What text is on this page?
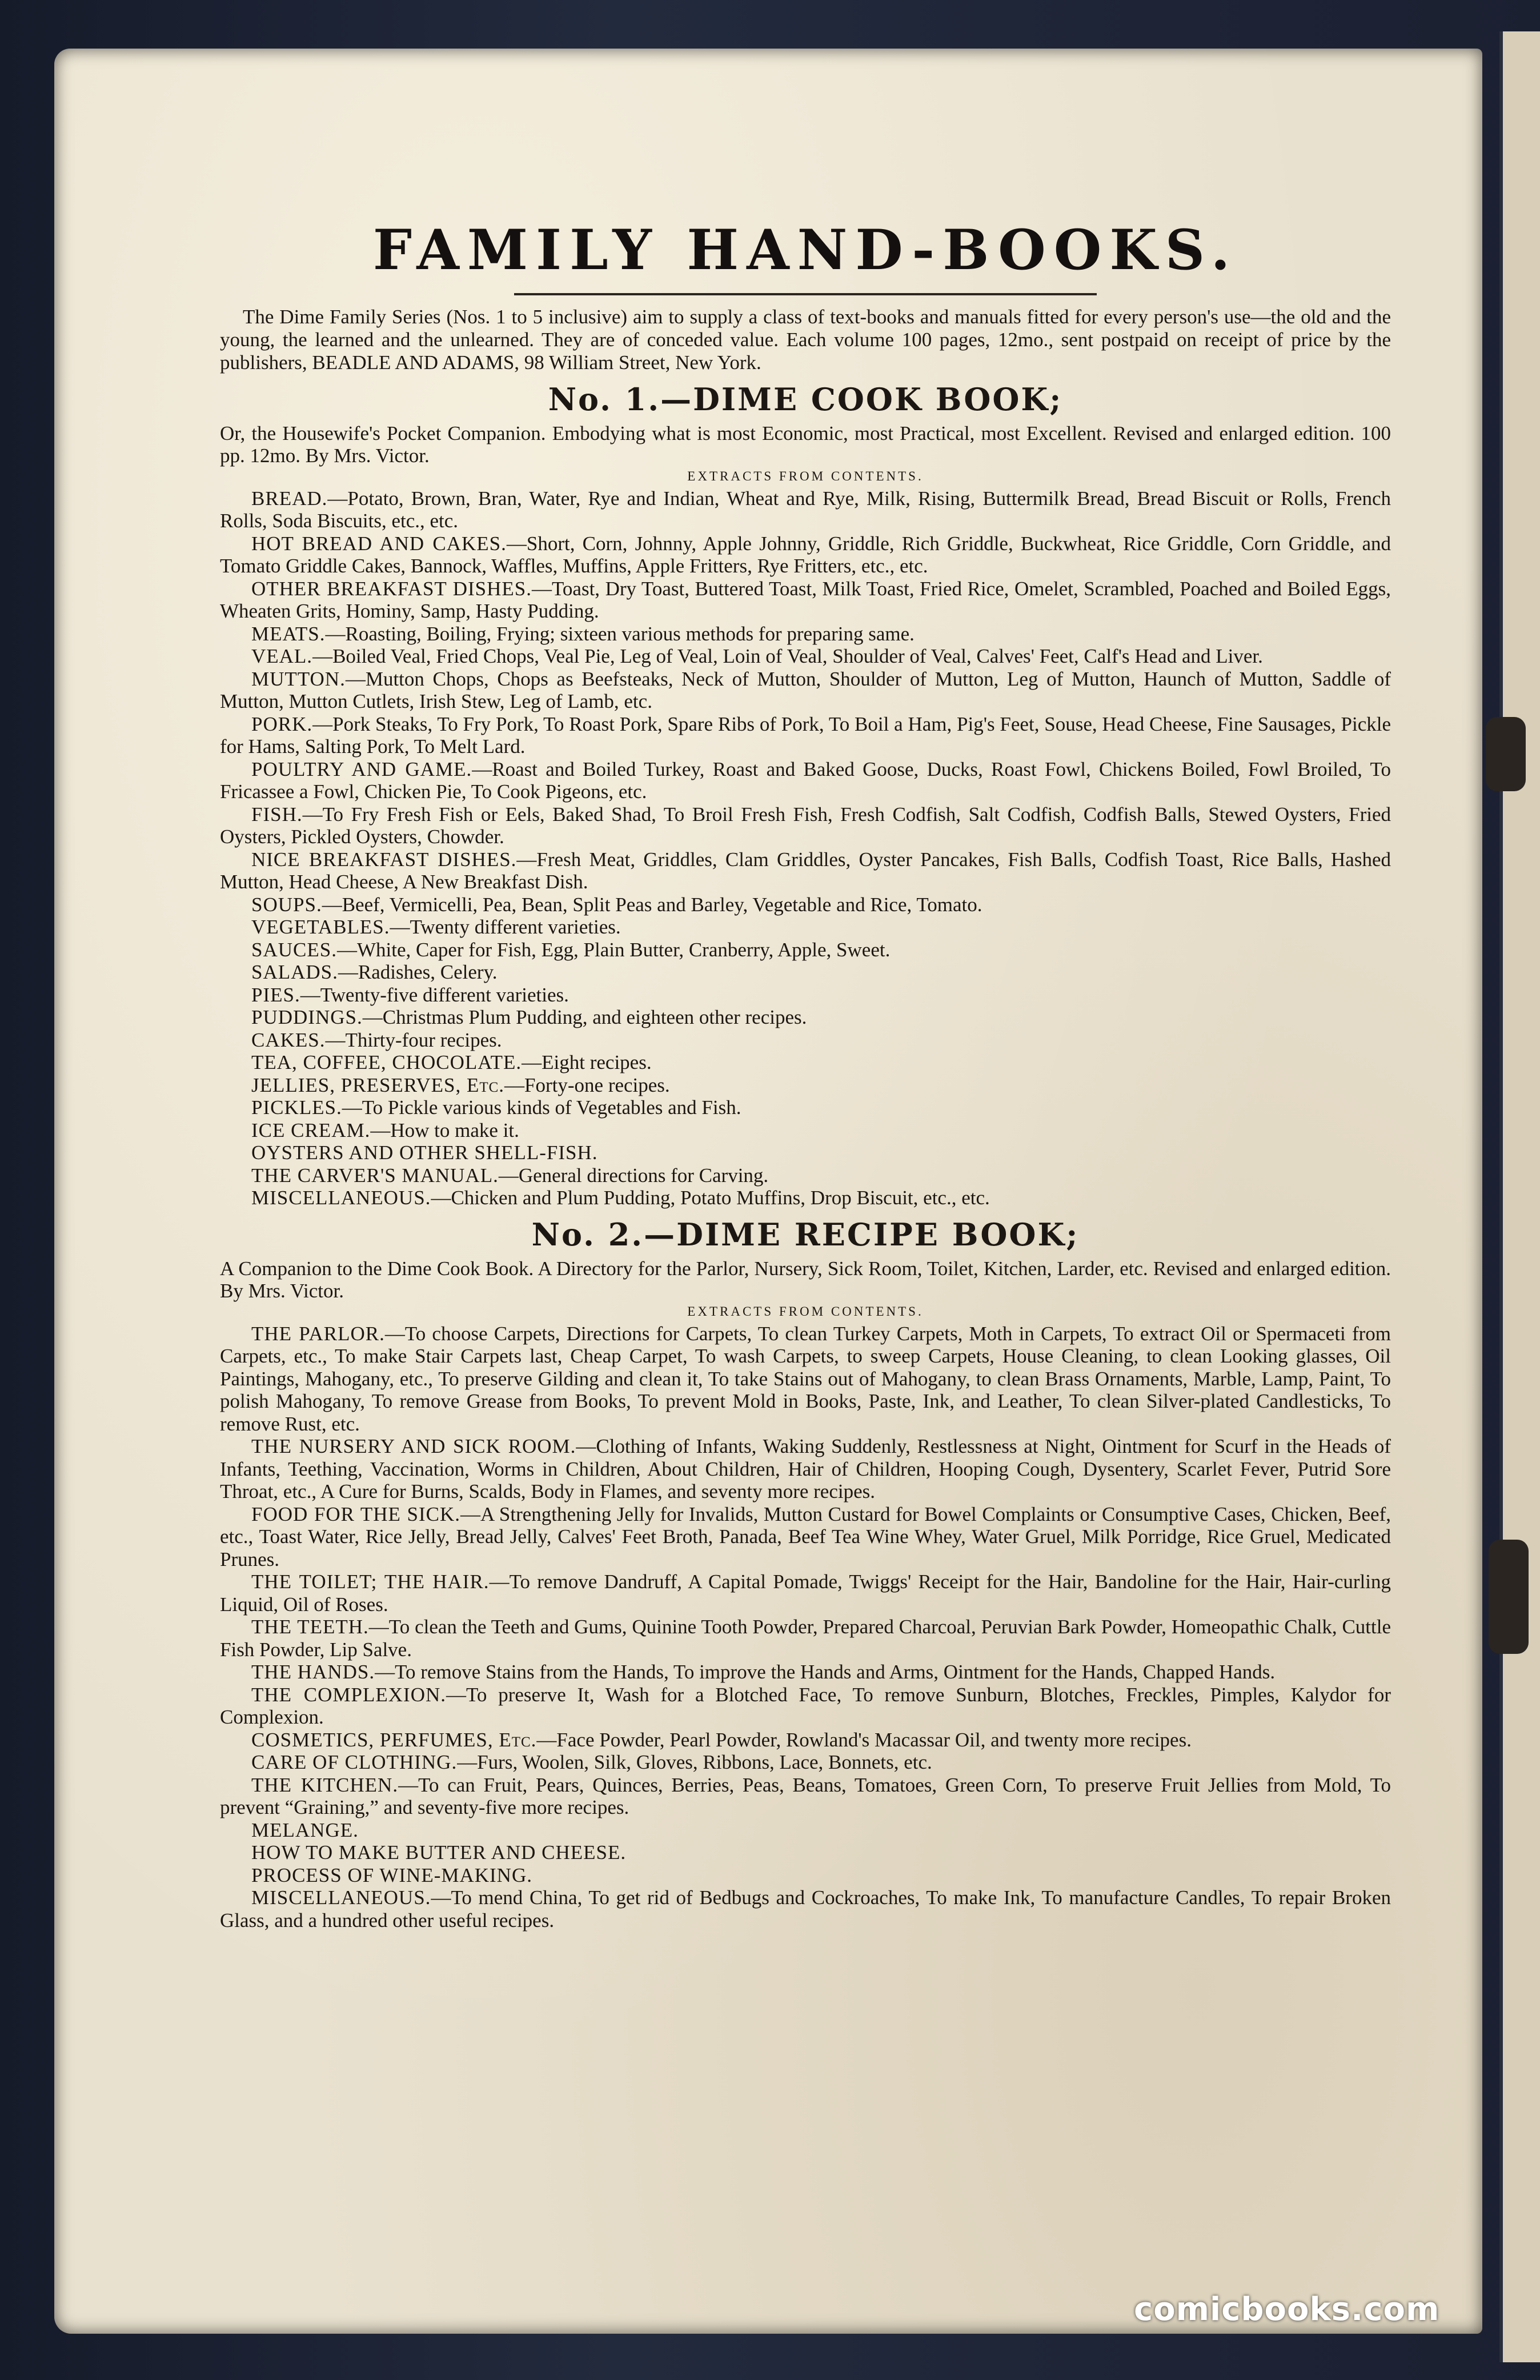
FAMILY HAND-BOOKS.

The Dime Family Series (Nos. 1 to 5 inclusive) aim to supply a class of text-books and manuals fitted for every person's use—the old and the young, the learned and the unlearned. They are of conceded value. Each volume 100 pages, 12mo., sent postpaid on receipt of price by the publishers, BEADLE AND ADAMS, 98 William Street, New York.

No. 1.—DIME COOK BOOK;

Or, the Housewife's Pocket Companion. Embodying what is most Economic, most Practical, most Excellent. Revised and enlarged edition. 100 pp. 12mo. By Mrs. Victor.

EXTRACTS FROM CONTENTS.

BREAD.—Potato, Brown, Bran, Water, Rye and Indian, Wheat and Rye, Milk, Rising, Buttermilk Bread, Bread Biscuit or Rolls, French Rolls, Soda Biscuits, etc., etc.

HOT BREAD AND CAKES.—Short, Corn, Johnny, Apple Johnny, Griddle, Rich Griddle, Buckwheat, Rice Griddle, Corn Griddle, and Tomato Griddle Cakes, Bannock, Waffles, Muffins, Apple Fritters, Rye Fritters, etc., etc.

OTHER BREAKFAST DISHES.—Toast, Dry Toast, Buttered Toast, Milk Toast, Fried Rice, Omelet, Scrambled, Poached and Boiled Eggs, Wheaten Grits, Hominy, Samp, Hasty Pudding.

MEATS.—Roasting, Boiling, Frying; sixteen various methods for preparing same.

VEAL.—Boiled Veal, Fried Chops, Veal Pie, Leg of Veal, Loin of Veal, Shoulder of Veal, Calves' Feet, Calf's Head and Liver.

MUTTON.—Mutton Chops, Chops as Beefsteaks, Neck of Mutton, Shoulder of Mutton, Leg of Mutton, Haunch of Mutton, Saddle of Mutton, Mutton Cutlets, Irish Stew, Leg of Lamb, etc.

PORK.—Pork Steaks, To Fry Pork, To Roast Pork, Spare Ribs of Pork, To Boil a Ham, Pig's Feet, Souse, Head Cheese, Fine Sausages, Pickle for Hams, Salting Pork, To Melt Lard.

POULTRY AND GAME.—Roast and Boiled Turkey, Roast and Baked Goose, Ducks, Roast Fowl, Chickens Boiled, Fowl Broiled, To Fricassee a Fowl, Chicken Pie, To Cook Pigeons, etc.

FISH.—To Fry Fresh Fish or Eels, Baked Shad, To Broil Fresh Fish, Fresh Codfish, Salt Codfish, Codfish Balls, Stewed Oysters, Fried Oysters, Pickled Oysters, Chowder.

NICE BREAKFAST DISHES.—Fresh Meat, Griddles, Clam Griddles, Oyster Pancakes, Fish Balls, Codfish Toast, Rice Balls, Hashed Mutton, Head Cheese, A New Breakfast Dish.

SOUPS.—Beef, Vermicelli, Pea, Bean, Split Peas and Barley, Vegetable and Rice, Tomato.

VEGETABLES.—Twenty different varieties.

SAUCES.—White, Caper for Fish, Egg, Plain Butter, Cranberry, Apple, Sweet.

SALADS.—Radishes, Celery.

PIES.—Twenty-five different varieties.

PUDDINGS.—Christmas Plum Pudding, and eighteen other recipes.

CAKES.—Thirty-four recipes.

TEA, COFFEE, CHOCOLATE.—Eight recipes.

JELLIES, PRESERVES, Etc.—Forty-one recipes.

PICKLES.—To Pickle various kinds of Vegetables and Fish.

ICE CREAM.—How to make it.

OYSTERS AND OTHER SHELL-FISH.

THE CARVER'S MANUAL.—General directions for Carving.

MISCELLANEOUS.—Chicken and Plum Pudding, Potato Muffins, Drop Biscuit, etc., etc.

No. 2.—DIME RECIPE BOOK;

A Companion to the Dime Cook Book. A Directory for the Parlor, Nursery, Sick Room, Toilet, Kitchen, Larder, etc. Revised and enlarged edition. By Mrs. Victor.

EXTRACTS FROM CONTENTS.

THE PARLOR.—To choose Carpets, Directions for Carpets, To clean Turkey Carpets, Moth in Carpets, To extract Oil or Spermaceti from Carpets, etc., To make Stair Carpets last, Cheap Carpet, To wash Carpets, to sweep Carpets, House Cleaning, to clean Looking glasses, Oil Paintings, Mahogany, etc., To preserve Gilding and clean it, To take Stains out of Mahogany, to clean Brass Ornaments, Marble, Lamp, Paint, To polish Mahogany, To remove Grease from Books, To prevent Mold in Books, Paste, Ink, and Leather, To clean Silver-plated Candlesticks, To remove Rust, etc.

THE NURSERY AND SICK ROOM.—Clothing of Infants, Waking Suddenly, Restlessness at Night, Ointment for Scurf in the Heads of Infants, Teething, Vaccination, Worms in Children, About Children, Hair of Children, Hooping Cough, Dysentery, Scarlet Fever, Putrid Sore Throat, etc., A Cure for Burns, Scalds, Body in Flames, and seventy more recipes.

FOOD FOR THE SICK.—A Strengthening Jelly for Invalids, Mutton Custard for Bowel Complaints or Consumptive Cases, Chicken, Beef, etc., Toast Water, Rice Jelly, Bread Jelly, Calves' Feet Broth, Panada, Beef Tea Wine Whey, Water Gruel, Milk Porridge, Rice Gruel, Medicated Prunes.

THE TOILET; THE HAIR.—To remove Dandruff, A Capital Pomade, Twiggs' Receipt for the Hair, Bandoline for the Hair, Hair-curling Liquid, Oil of Roses.

THE TEETH.—To clean the Teeth and Gums, Quinine Tooth Powder, Prepared Charcoal, Peruvian Bark Powder, Homeopathic Chalk, Cuttle Fish Powder, Lip Salve.

THE HANDS.—To remove Stains from the Hands, To improve the Hands and Arms, Ointment for the Hands, Chapped Hands.

THE COMPLEXION.—To preserve It, Wash for a Blotched Face, To remove Sunburn, Blotches, Freckles, Pimples, Kalydor for Complexion.

COSMETICS, PERFUMES, Etc.—Face Powder, Pearl Powder, Rowland's Macassar Oil, and twenty more recipes.

CARE OF CLOTHING.—Furs, Woolen, Silk, Gloves, Ribbons, Lace, Bonnets, etc.

THE KITCHEN.—To can Fruit, Pears, Quinces, Berries, Peas, Beans, Tomatoes, Green Corn, To preserve Fruit Jellies from Mold, To prevent “Graining,” and seventy-five more recipes.

MELANGE.

HOW TO MAKE BUTTER AND CHEESE.

PROCESS OF WINE-MAKING.

MISCELLANEOUS.—To mend China, To get rid of Bedbugs and Cockroaches, To make Ink, To manufacture Candles, To repair Broken Glass, and a hundred other useful recipes.

comicbooks.com
